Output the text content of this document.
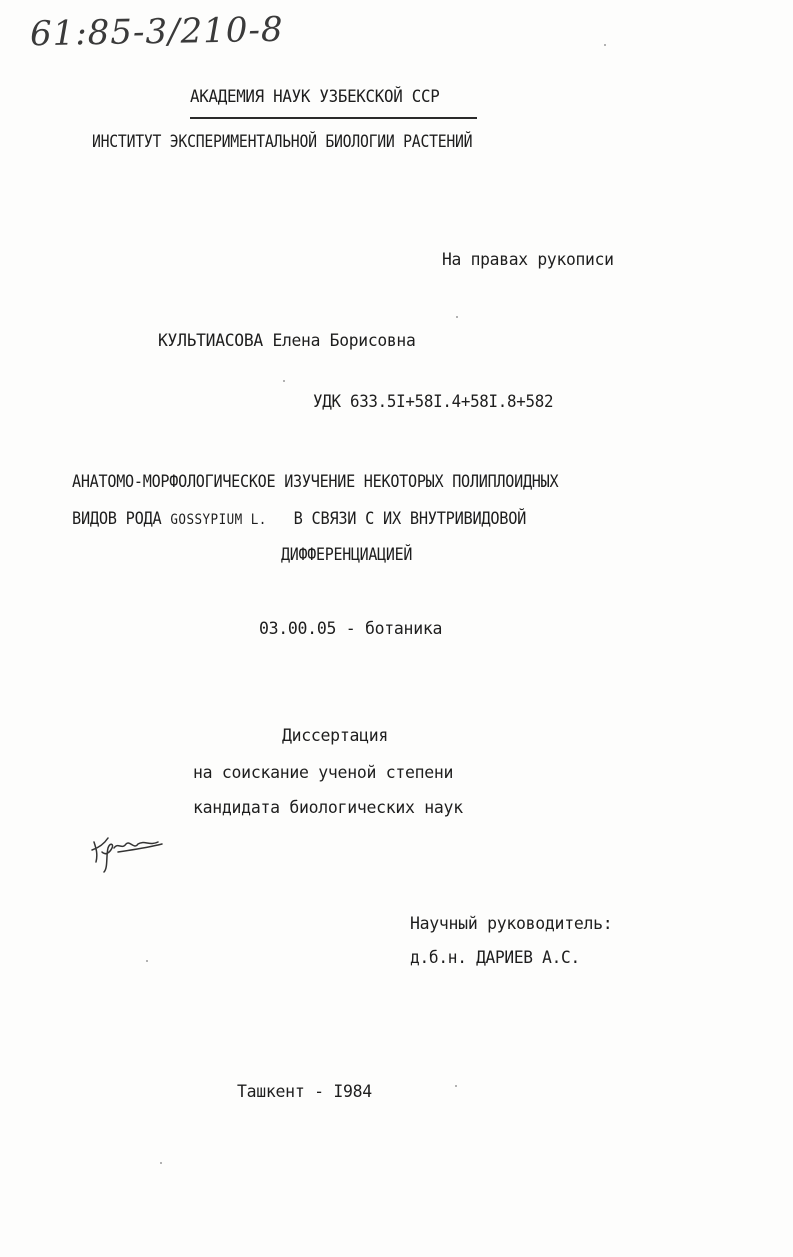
61:85-3/210-8
АКАДЕМИЯ НАУК УЗБЕКСКОЙ ССР
ИНСТИТУТ ЭКСПЕРИМЕНТАЛЬНОЙ БИОЛОГИИ РАСТЕНИЙ
На правах рукописи
КУЛЬТИАСОВА Елена Борисовна
УДК 633.5I+58I.4+58I.8+582
АНАТОМО-МОРФОЛОГИЧЕСКОЕ ИЗУЧЕНИЕ НЕКОТОРЫХ ПОЛИПЛОИДНЫХ
ВИДОВ РОДА GOSSYPIUM L. В СВЯЗИ С ИХ ВНУТРИВИДОВОЙ
ДИФФЕРЕНЦИАЦИЕЙ
03.00.05 - ботаника
Диссертация
на соискание ученой степени
кандидата биологических наук
Научный руководитель:
д.б.н. ДАРИЕВ А.С.
Ташкент - I984
